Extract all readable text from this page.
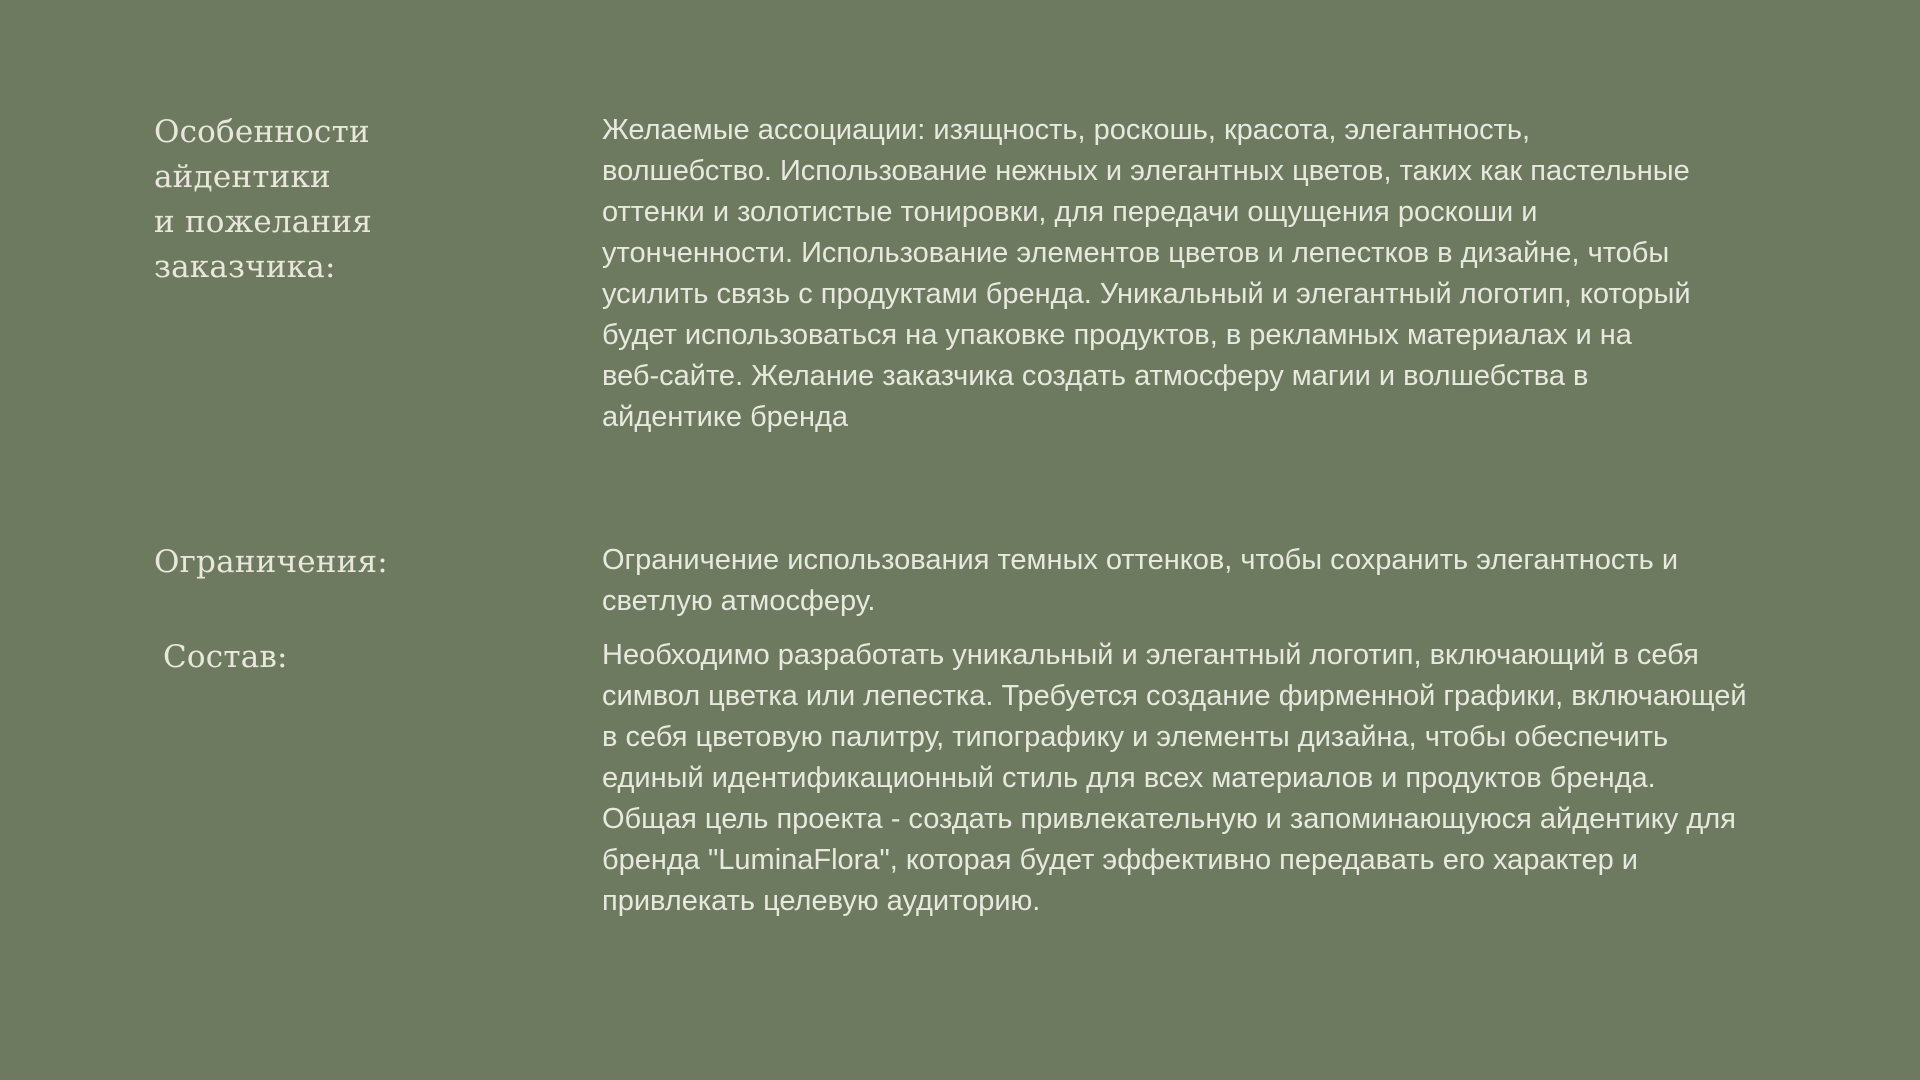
Особенности айдентики
и пожелания заказчика:
Желаемые ассоциации: изящность, роскошь, красота, элегантность,
волшебство. Использование нежных и элегантных цветов, таких как пастельные
оттенки и золотистые тонировки, для передачи ощущения роскоши и
утонченности. Использование элементов цветов и лепестков в дизайне, чтобы
усилить связь с продуктами бренда. Уникальный и элегантный логотип, который
будет использоваться на упаковке продуктов, в рекламных материалах и на
веб-сайте. Желание заказчика создать атмосферу магии и волшебства в
айдентике бренда
Ограничения:	Ограничение использования темных оттенков, чтобы сохранить элегантность и
светлую атмосферу.
Состав:	Необходимо разработать уникальный и элегантный логотип, включающий в себя
символ цветка или лепестка. Требуется создание фирменной графики, включающей
в себя цветовую палитру, типографику и элементы дизайна, чтобы обеспечить
единый идентификационный стиль для всех материалов и продуктов бренда.
Общая цель проекта - создать привлекательную и запоминающуюся айдентику для
бренда "LuminaFlora", которая будет эффективно передавать его характер и
привлекать целевую аудиторию.
